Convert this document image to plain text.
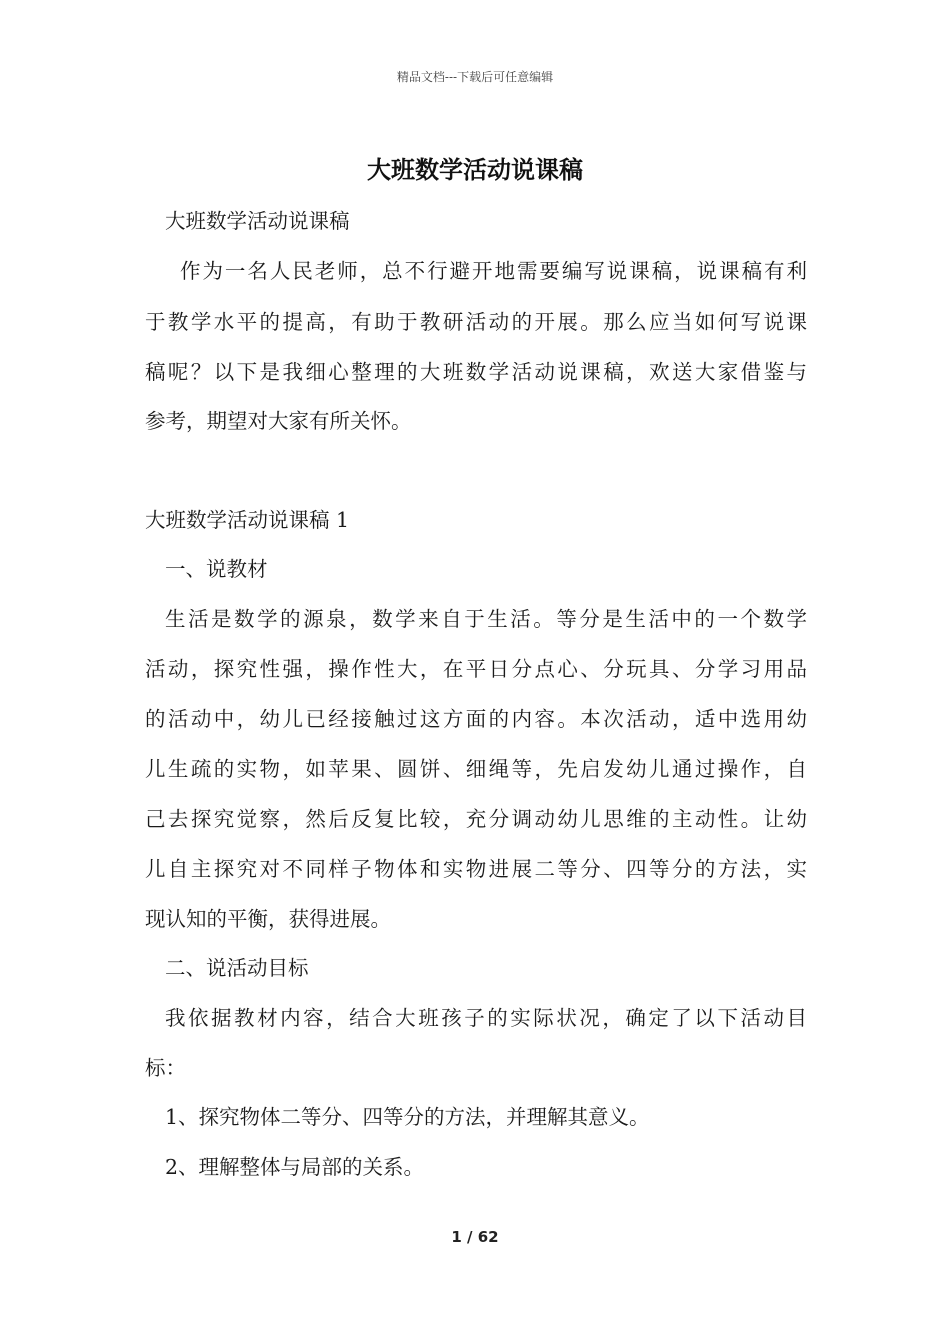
精品文档---下载后可任意编辑
大班数学活动说课稿
大班数学活动说课稿
作为一名人民老师，总不行避开地需要编写说课稿，说课稿有利
于教学水平的提高，有助于教研活动的开展。那么应当如何写说课
稿呢？以下是我细心整理的大班数学活动说课稿，欢送大家借鉴与
参考，期望对大家有所关怀。
大班数学活动说课稿 1
一、说教材
生活是数学的源泉，数学来自于生活。等分是生活中的一个数学
活动，探究性强，操作性大，在平日分点心、分玩具、分学习用品
的活动中，幼儿已经接触过这方面的内容。本次活动，适中选用幼
儿生疏的实物，如苹果、圆饼、细绳等，先启发幼儿通过操作，自
己去探究觉察，然后反复比较，充分调动幼儿思维的主动性。让幼
儿自主探究对不同样子物体和实物进展二等分、四等分的方法，实
现认知的平衡，获得进展。
二、说活动目标
我依据教材内容，结合大班孩子的实际状况，确定了以下活动目
标：
1、探究物体二等分、四等分的方法，并理解其意义。
2、理解整体与局部的关系。
1 / 62
